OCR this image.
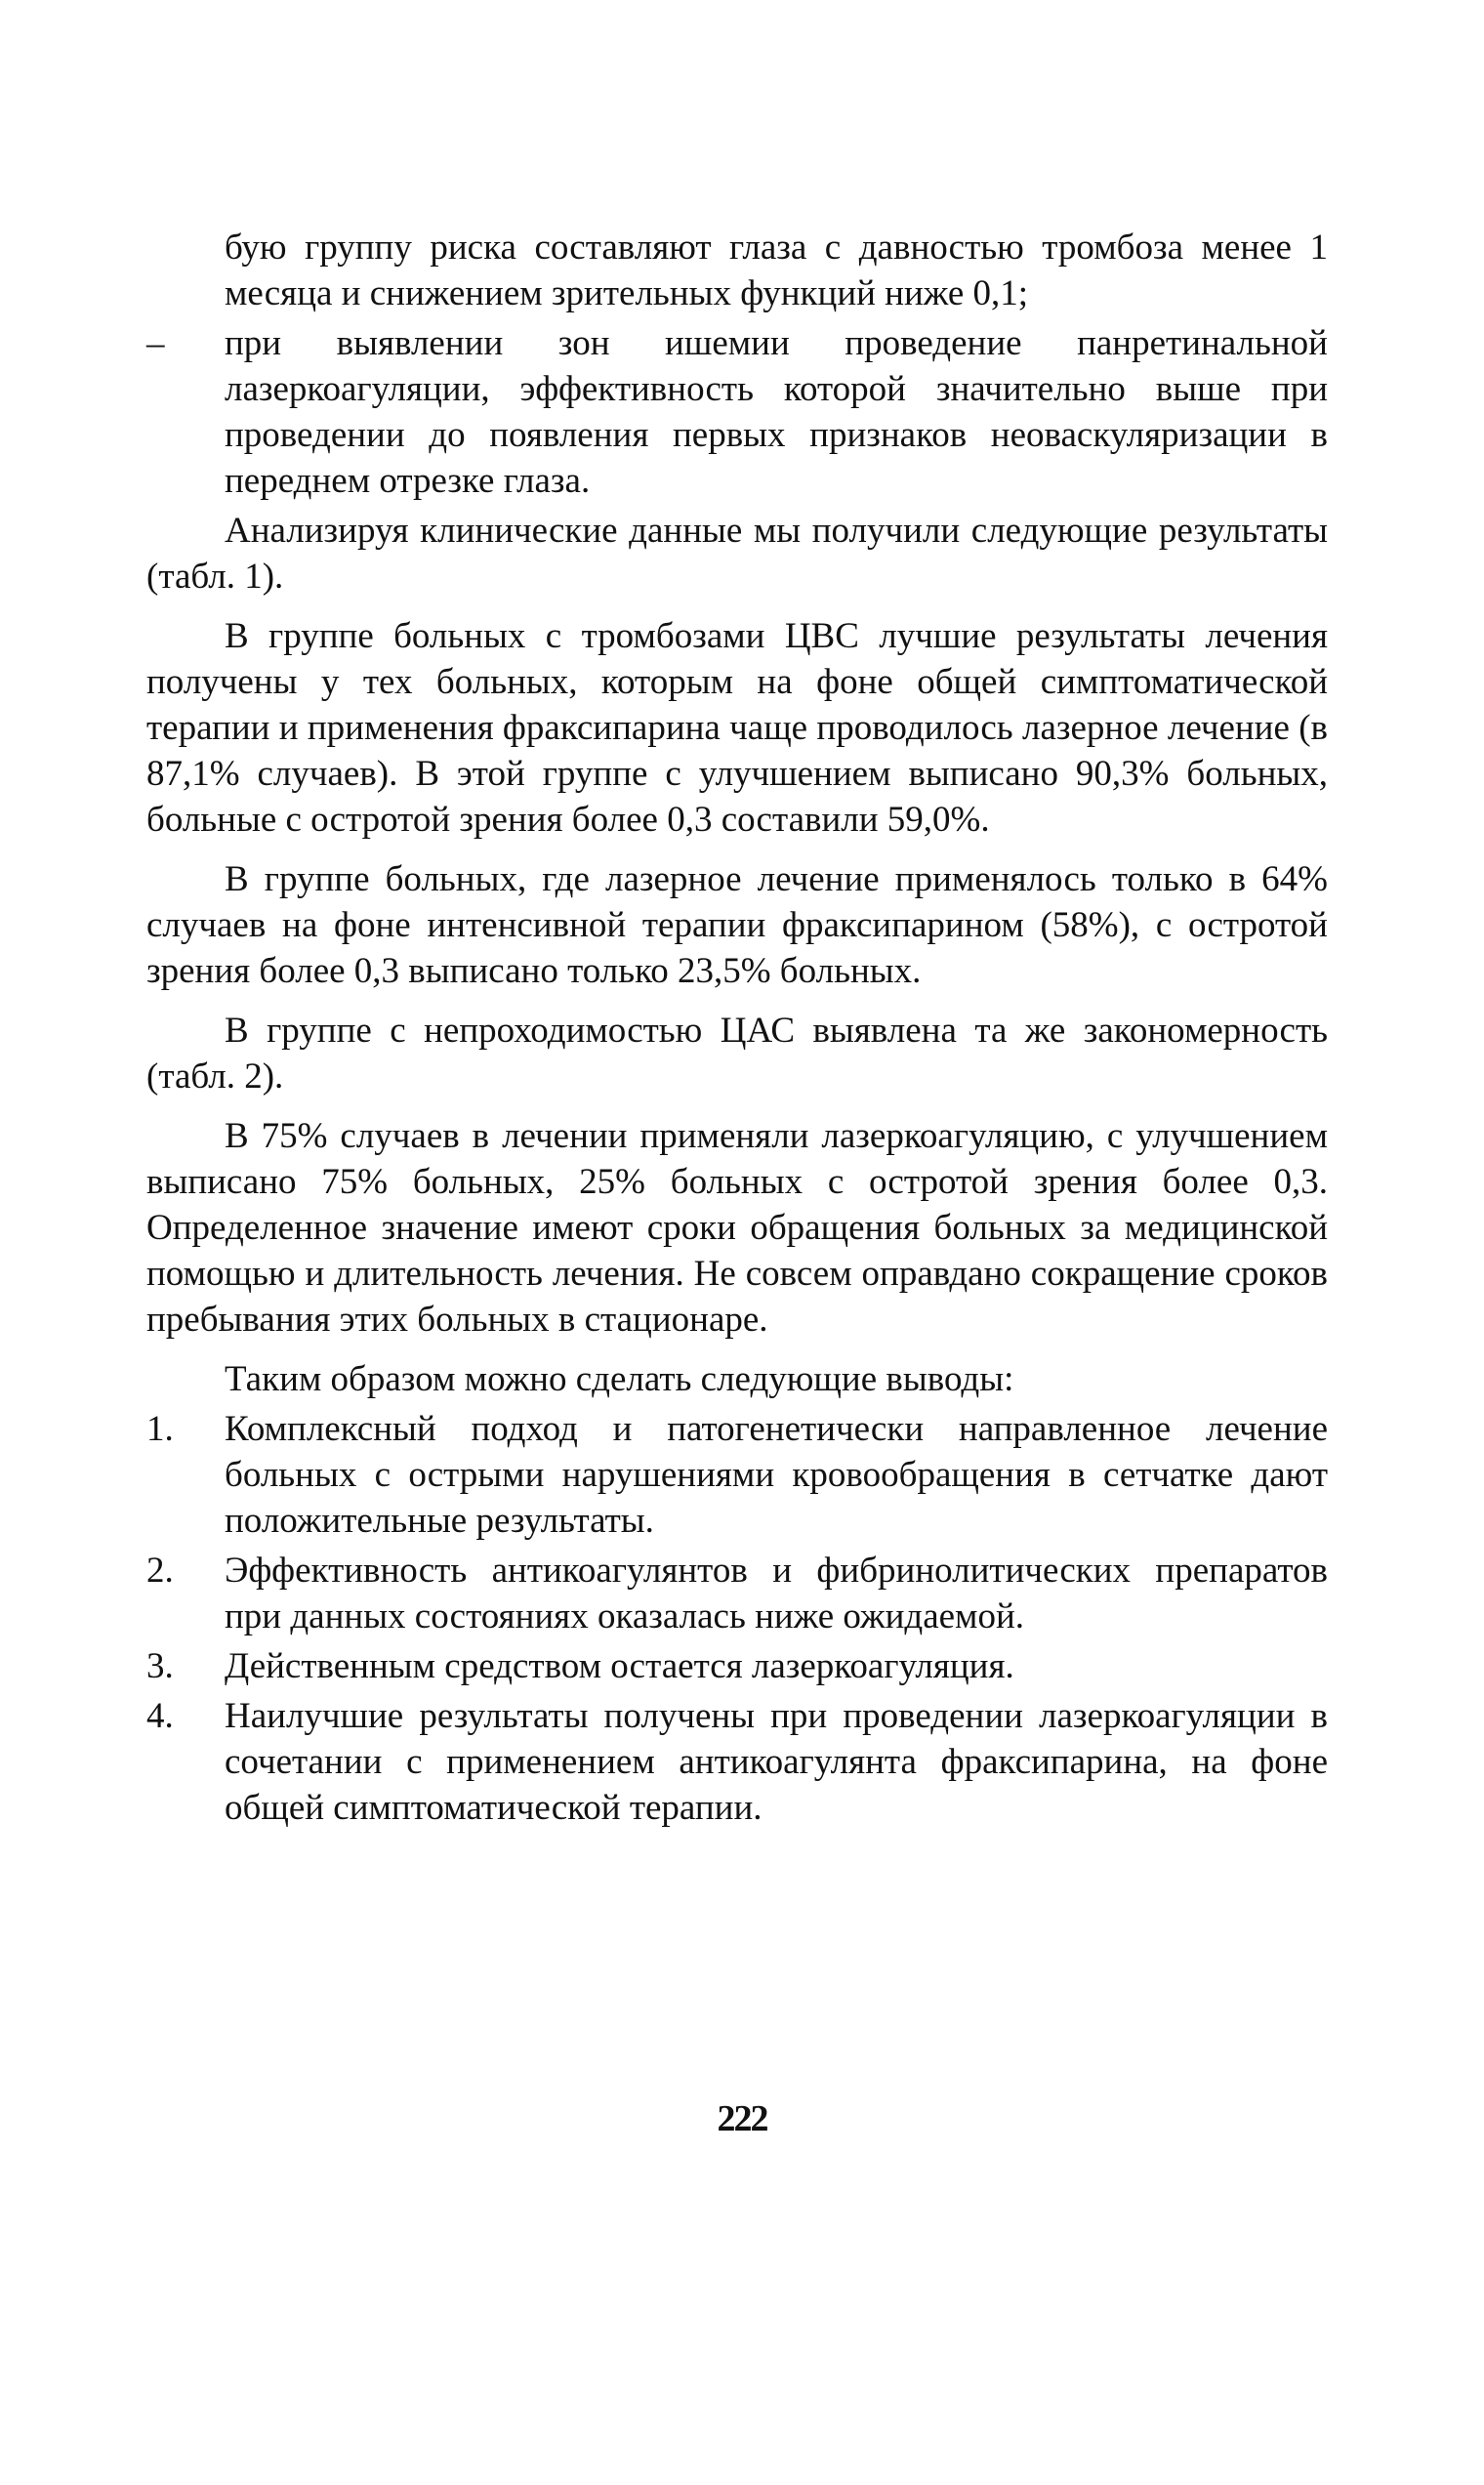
бую группу риска составляют глаза с давностью тромбоза менее 1 месяца и снижением зрительных функций ниже 0,1;

–	при выявлении зон ишемии проведение панретинальной лазеркоагуляции, эффективность которой значительно выше при проведении до появления первых признаков неоваскуляризации в переднем отрезке глаза.

Анализируя клинические данные мы получили следующие результаты (табл. 1).

В группе больных с тромбозами ЦВС лучшие результаты лечения получены у тех больных, которым на фоне общей симптоматической терапии и применения фраксипарина чаще проводилось лазерное лечение (в 87,1% случаев). В этой группе с улучшением выписано 90,3% больных, больные с остротой зрения более 0,3 составили 59,0%.

В группе больных, где лазерное лечение применялось только в 64% случаев на фоне интенсивной терапии фраксипарином (58%), с остротой зрения более 0,3 выписано только 23,5% больных.

В группе с непроходимостью ЦАС выявлена та же закономерность (табл. 2).

В 75% случаев в лечении применяли лазеркоагуляцию, с улучшением выписано 75% больных, 25% больных с остротой зрения более 0,3. Определенное значение имеют сроки обращения больных за медицинской помощью и длительность лечения. Не совсем оправдано сокращение сроков пребывания этих больных в стационаре.

Таким образом можно сделать следующие выводы:

1.	Комплексный подход и патогенетически направленное лечение больных с острыми нарушениями кровообращения в сетчатке дают положительные результаты.
2.	Эффективность антикоагулянтов и фибринолитических препаратов при данных состояниях оказалась ниже ожидаемой.
3.	Действенным средством остается лазеркоагуляция.
4.	Наилучшие результаты получены при проведении лазеркоагуляции в сочетании с применением антикоагулянта фраксипарина, на фоне общей симптоматической терапии.
222
